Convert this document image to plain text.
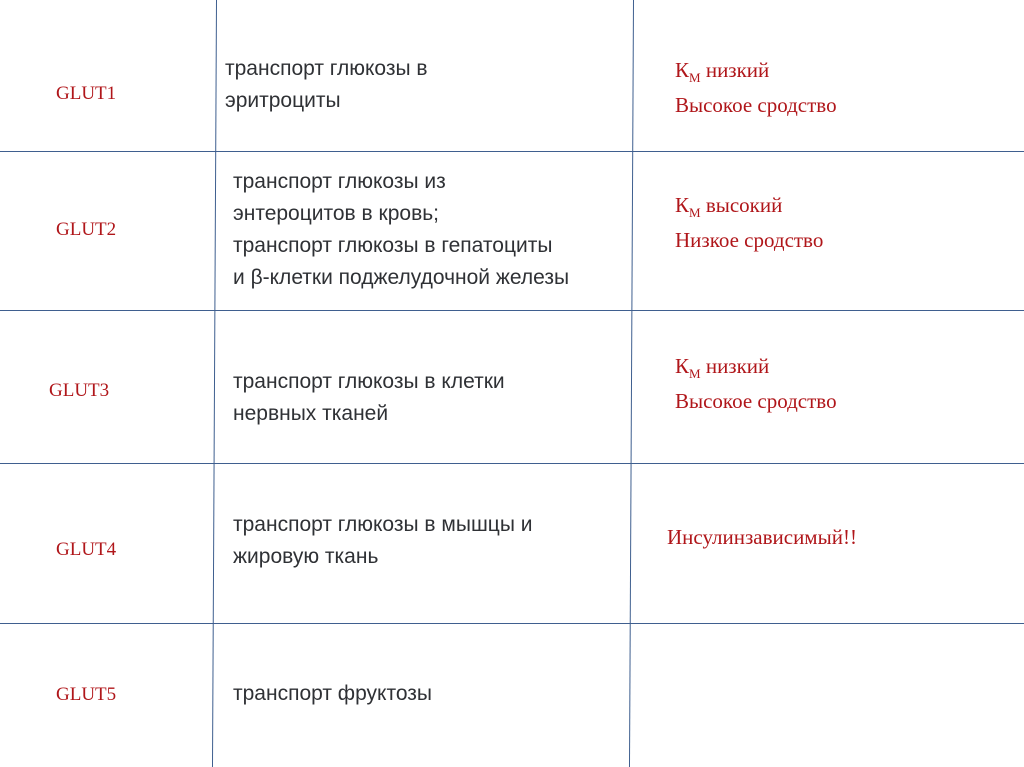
GLUT1
транспорт глюкозы в
эритроциты
$К_М$ низкий
Высокое сродство
GLUT2
транспорт глюкозы из
энтероцитов в кровь;
транспорт глюкозы в гепатоциты
и β-клетки поджелудочной железы
$К_М$ высокий
Низкое сродство
GLUT3	транспорт глюкозы в клетки
нервных тканей
$К_М$ низкий
Высокое сродство
GLUT4
транспорт глюкозы в мышцы и
жировую ткань
Инсулинзависимый!!
GLUT5	транспорт фруктозы
